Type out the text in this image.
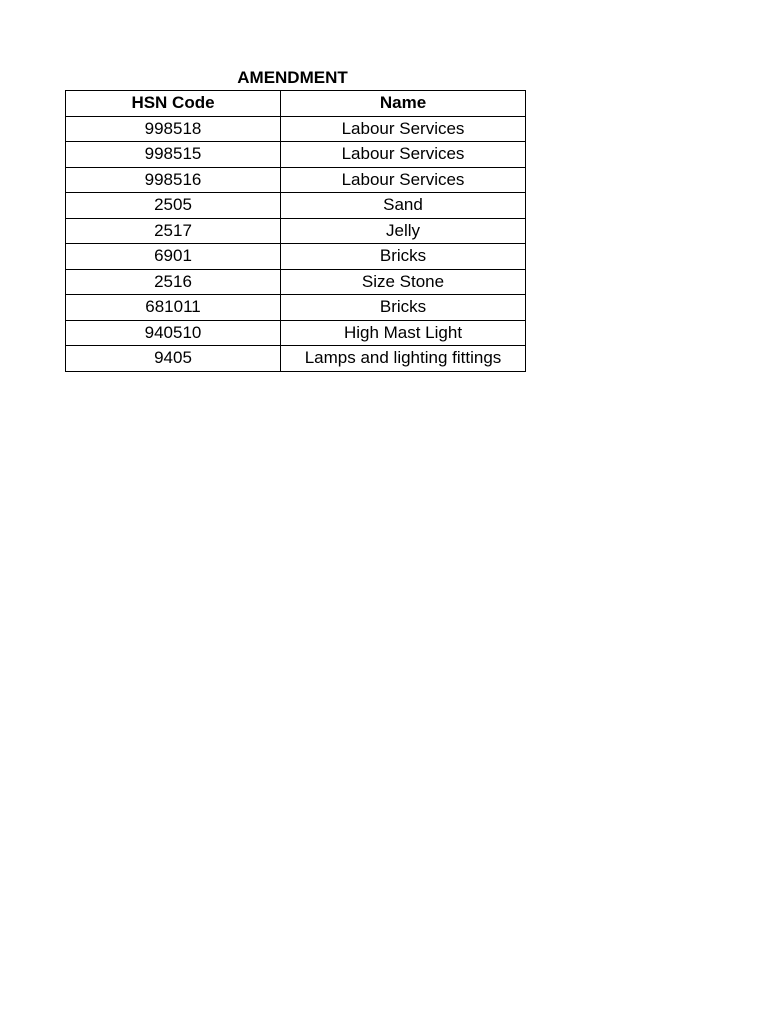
AMENDMENT
HSN Code	Name
998518	Labour Services
998515	Labour Services
998516	Labour Services
2505	Sand
2517	Jelly
6901	Bricks
2516	Size Stone
681011	Bricks
940510	High Mast Light
9405	Lamps and lighting fittings
